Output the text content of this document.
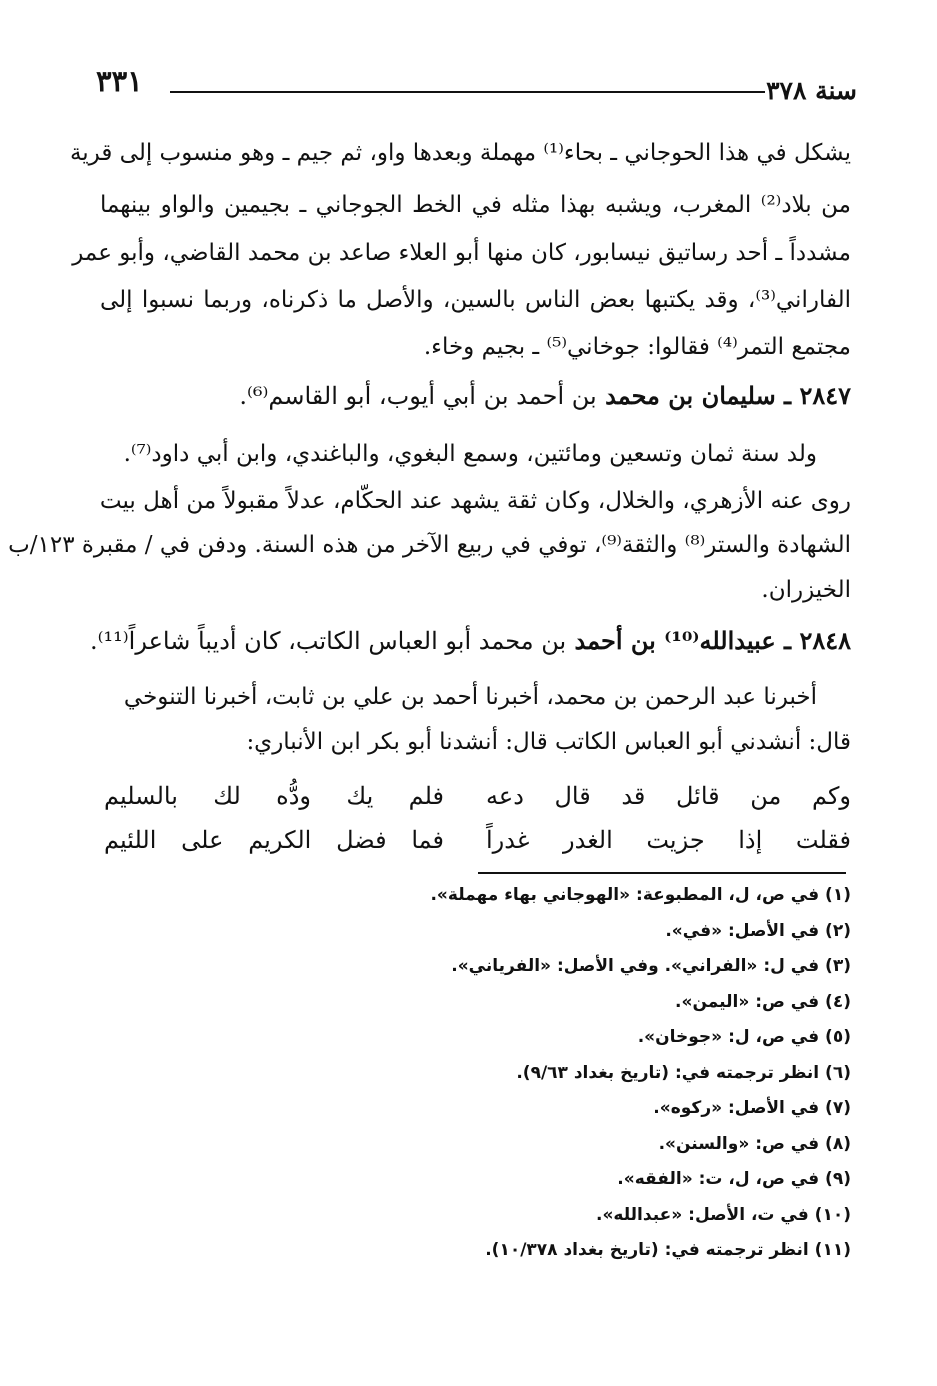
٣٣١	سنة ٣٧٨
يشكل في هذا الحوجاني ـ بحاء⁽¹⁾ مهملة وبعدها واو، ثم جيم ـ وهو منسوب إلى قرية
من بلاد⁽²⁾ المغرب، ويشبه بهذا مثله في الخط الجوجاني ـ بجيمين والواو بينهما
مشدداً ـ أحد رساتيق نيسابور، كان منها أبو العلاء صاعد بن محمد القاضي، وأبو عمر
الفاراني⁽³⁾، وقد يكتبها بعض الناس بالسين، والأصل ما ذكرناه، وربما نسبوا إلى
مجتمع التمر⁽⁴⁾ فقالوا: جوخاني⁽⁵⁾ ـ بجيم وخاء.
٢٨٤٧ ـ سليمان بن محمد بن أحمد بن أبي أيوب، أبو القاسم⁽⁶⁾.
ولد سنة ثمان وتسعين ومائتين، وسمع البغوي، والباغندي، وابن أبي داود⁽⁷⁾.
روى عنه الأزهري، والخلال، وكان ثقة يشهد عند الحكّام، عدلاً مقبولاً من أهل بيت
الشهادة والستر⁽⁸⁾ والثقة⁽⁹⁾، توفي في ربيع الآخر من هذه السنة. ودفن في / مقبرة ١٢٣/ب
الخيزران.
٢٨٤٨ ـ عبيدالله⁽¹⁰⁾ بن أحمد بن محمد أبو العباس الكاتب، كان أديباً شاعراً⁽¹¹⁾.
أخبرنا عبد الرحمن بن محمد، أخبرنا أحمد بن علي بن ثابت، أخبرنا التنوخي
قال: أنشدني أبو العباس الكاتب قال: أنشدنا أبو بكر ابن الأنباري:
وكم من قائل قد قال دعه
فلم يك ودُّه لك بالسليم
فقلت إذا جزيت الغدر غدراً
فما فضل الكريم على اللئيم
(١) في ص، ل، المطبوعة: «الهوجاني بهاء مهملة».
(٢) في الأصل: «في».
(٣) في ل: «الفراني». وفي الأصل: «الفرياني».
(٤) في ص: «اليمن».
(٥) في ص، ل: «جوخان».
(٦) انظر ترجمته في: (تاريخ بغداد ٩/٦٣).
(٧) في الأصل: «ركوه».
(٨) في ص: «والسنن».
(٩) في ص، ل، ت: «الفقه».
(١٠) في ت، الأصل: «عبدالله».
(١١) انظر ترجمته في: (تاريخ بغداد ١٠/٣٧٨).
